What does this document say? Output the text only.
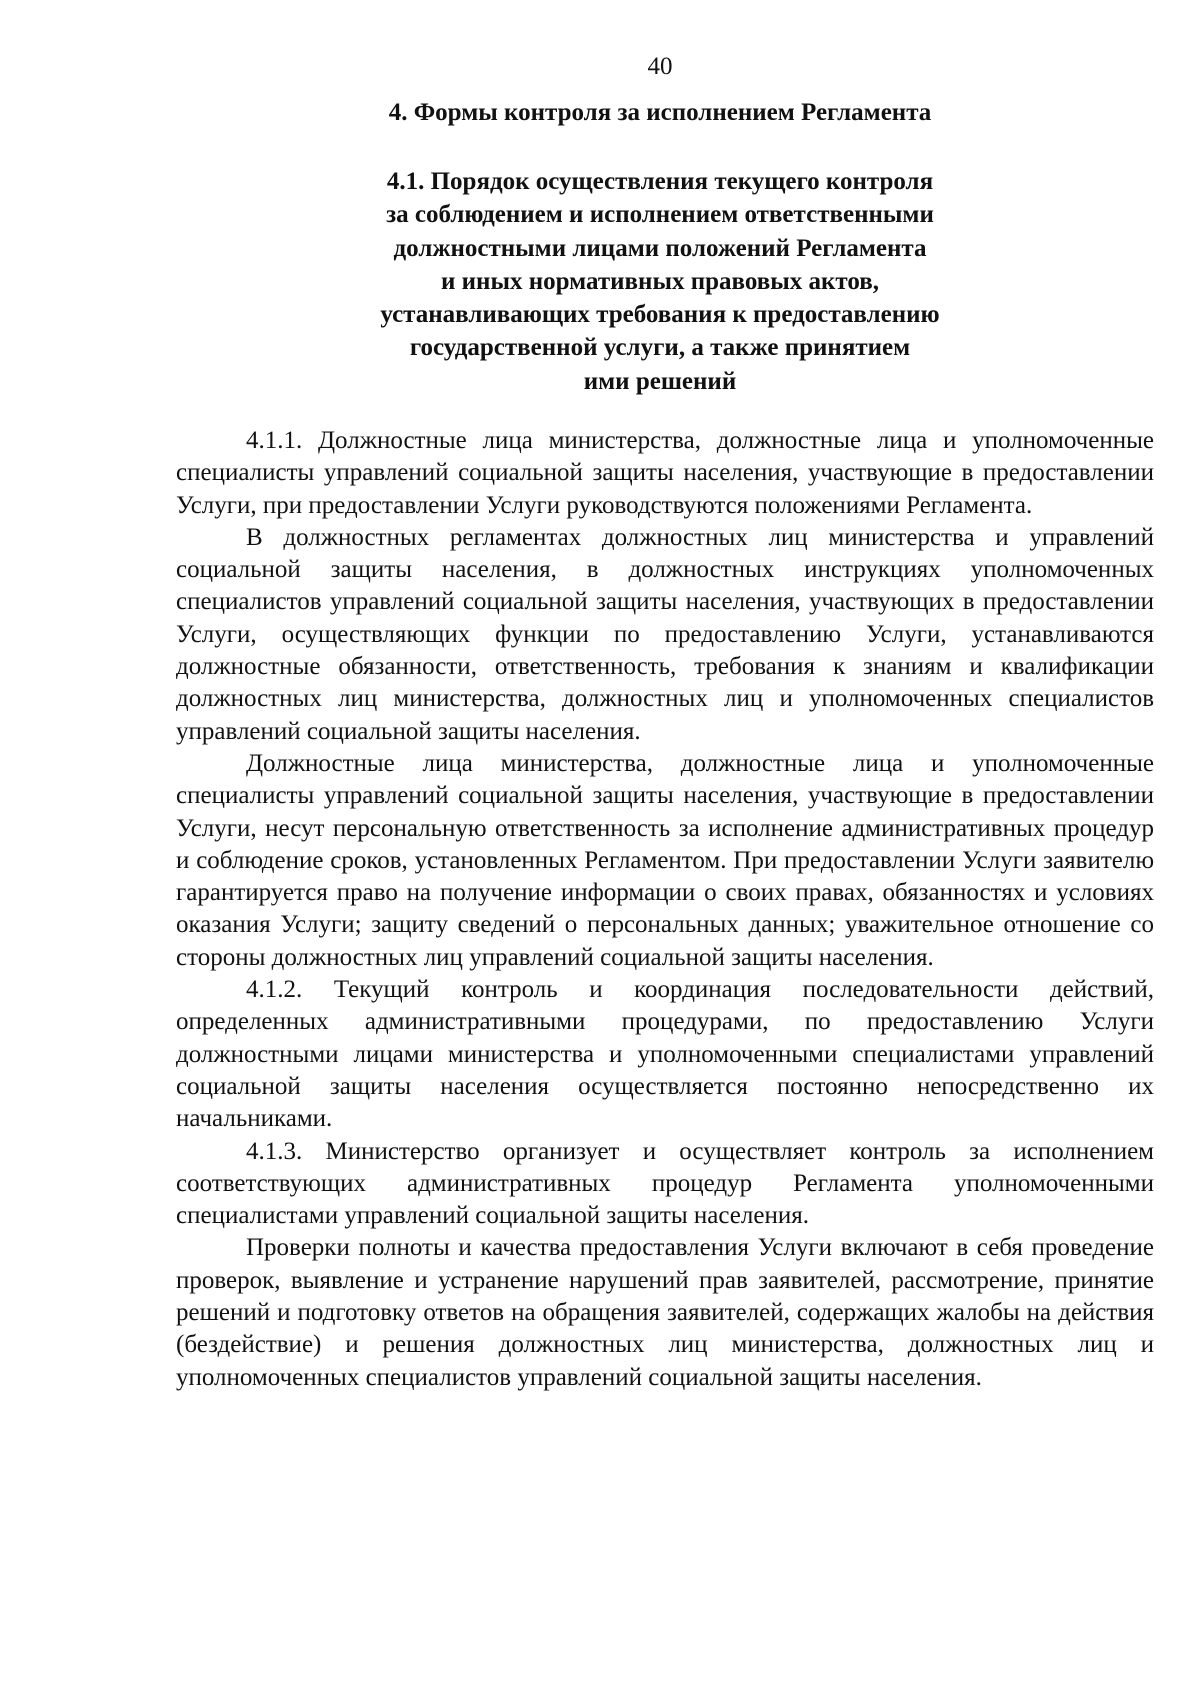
40
4. Формы контроля за исполнением Регламента
4.1. Порядок осуществления текущего контроля
за соблюдением и исполнением ответственными
должностными лицами положений Регламента
и иных нормативных правовых актов,
устанавливающих требования к предоставлению
государственной услуги, а также принятием
ими решений

4.1.1. Должностные лица министерства, должностные лица и уполномоченные специалисты управлений социальной защиты населения, участвующие в предоставлении Услуги, при предоставлении Услуги руководствуются положениями Регламента.

В должностных регламентах должностных лиц министерства и управлений социальной защиты населения, в должностных инструкциях уполномоченных специалистов управлений социальной защиты населения, участвующих в предоставлении Услуги, осуществляющих функции по предоставлению Услуги, устанавливаются должностные обязанности, ответственность, требования к знаниям и квалификации должностных лиц министерства, должностных лиц и уполномоченных специалистов управлений социальной защиты населения.

Должностные лица министерства, должностные лица и уполномоченные специалисты управлений социальной защиты населения, участвующие в предоставлении Услуги, несут персональную ответственность за исполнение административных процедур и соблюдение сроков, установленных Регламентом. При предоставлении Услуги заявителю гарантируется право на получение информации о своих правах, обязанностях и условиях оказания Услуги; защиту сведений о персональных данных; уважительное отношение со стороны должностных лиц управлений социальной защиты населения.

4.1.2. Текущий контроль и координация последовательности действий, определенных административными процедурами, по предоставлению Услуги должностными лицами министерства и уполномоченными специалистами управлений социальной защиты населения осуществляется постоянно непосредственно их начальниками.

4.1.3. Министерство организует и осуществляет контроль за исполнением соответствующих административных процедур Регламента уполномоченными специалистами управлений социальной защиты населения.

Проверки полноты и качества предоставления Услуги включают в себя проведение проверок, выявление и устранение нарушений прав заявителей, рассмотрение, принятие решений и подготовку ответов на обращения заявителей, содержащих жалобы на действия (бездействие) и решения должностных лиц министерства, должностных лиц и уполномоченных специалистов управлений социальной защиты населения.
